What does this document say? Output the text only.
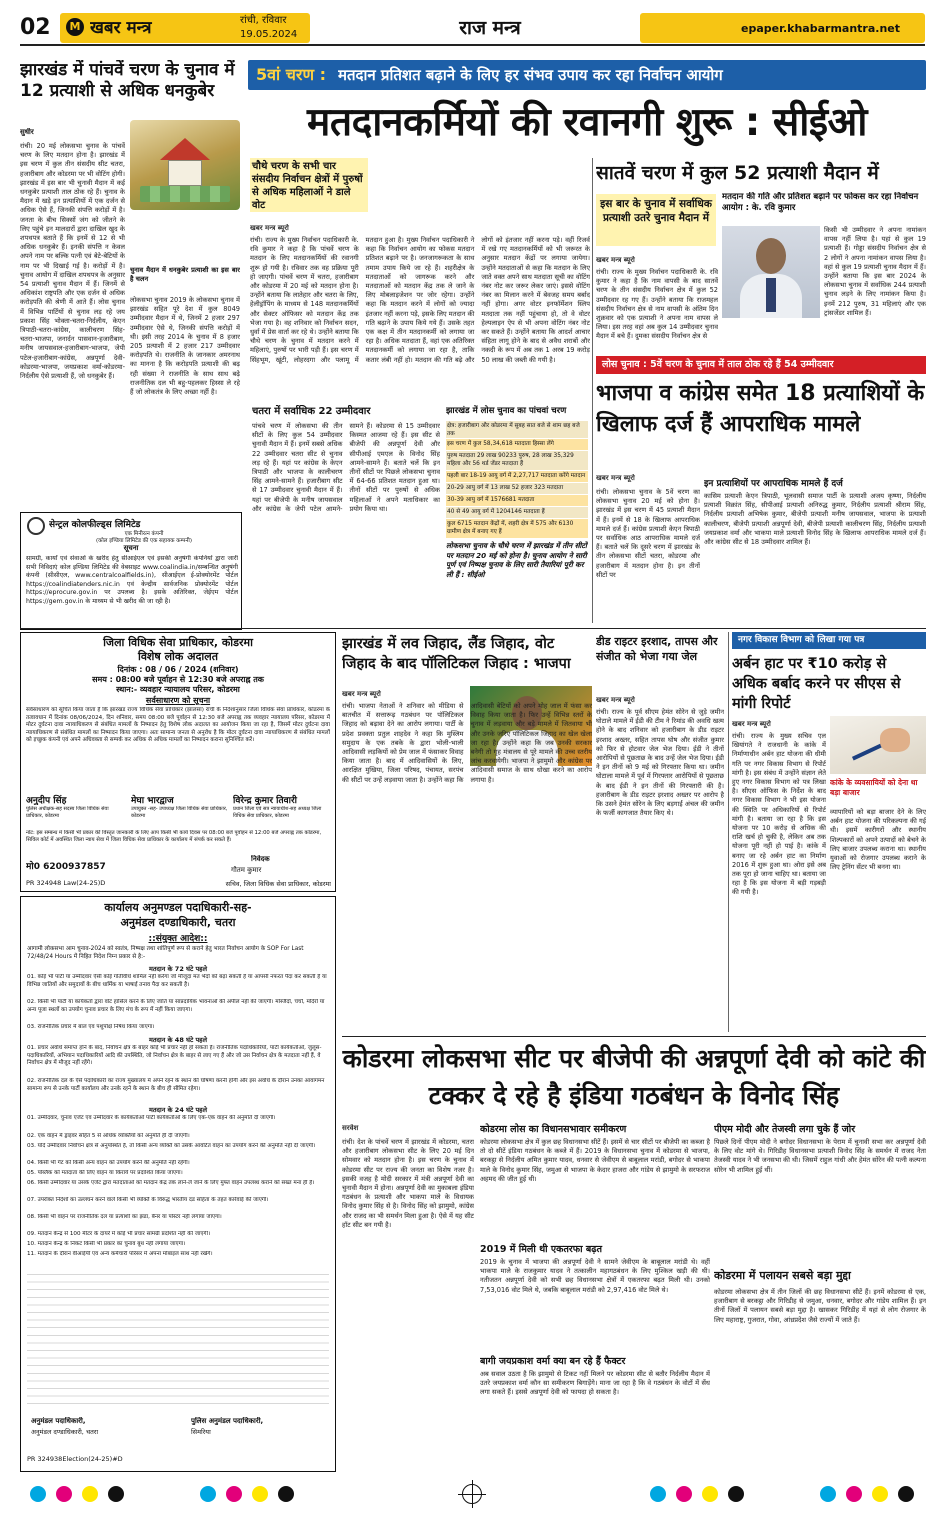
02	M खबर मन्त्र	रांची, रविवार
19.05.2024	राज मन्त्र	epaper.khabarmantra.net
झारखंड में पांचवें चरण के चुनाव में 12 प्रत्याशी से अधिक धनकुबेर
सुधीर
रांची। 20 मई लोकसभा चुनाव के पांचवें चरण के लिए मतदान होना है। झारखंड में इस चरण में कुल तीन संसदीय सीट चतरा, हजारीबाग और कोडरमा पर भी वोटिंग होगी। झारखंड में इस बार भी चुनावी मैदान में कई धनकुबेर प्रत्याशी ताल ठोक रहे हैं। चुनाव के मैदान में खड़े इन प्रत्याशियों में एक दर्जन से अधिक ऐसे हैं, जिनकी संपत्ति करोड़ों में है। जनता के बीच सिक्सों जंग को जीतने के लिए पहुंचे इन मालदारों द्वारा दाखिल खुद के शपथपत्र बताते हैं कि इनमें से 12 से भी अधिक धनकुबेर हैं। इनकी संपत्ति न केवल अपने नाम पर बल्कि पत्नी एवं बेटे-बेटियों के नाम पर भी दिखाई गई है। करोड़ों में है। चुनाव आयोग में दाखिल शपथपत्र के अनुसार 54 प्रत्याशी चुनाव मैदान में हैं। जिनमें से अधिकांश राष्ट्रपति और एक दर्जन से अधिक करोड़पति की श्रेणी में आते हैं। लोस चुनाव में विभिन्न पार्टियों से चुनाव लड़ रहे जय प्रकाश सिंह भोक्ता-चतरा-निर्दलीय, केएन त्रिपाठी-चतरा-कांग्रेस, कालीचरण सिंह-चतरा-भाजपा, जनार्दन पासवान-हजारीबाग, मनीष जायसवाल-हजारीबाग-भाजपा, जेपी पटेल-हजारीबाग-कांग्रेस, अन्नपूर्णा देवी-कोडरमा-भाजपा, जयप्रकाश वर्मा-कोडरमा-निर्दलीय ऐसे प्रत्याशी हैं, जो धनकुबेर हैं।
चुनाव मैदान में धनकुबेर प्रत्याशी का इस बार है चलन
लोकसभा चुनाव 2019 के लोकसभा चुनाव में झारखंड सहित पूरे देश में कुल 8049 उम्मीदवार मैदान में थे, जिनमें 2 हजार 297 उम्मीदवार ऐसे थे, जिनकी संपत्ति करोड़ों में थी। इसी तरह 2014 के चुनाव में 8 हजार 205 प्रत्याशी में 2 हजार 217 उम्मीदवार करोड़पति थे। राजनीति के जानकार अमरनाथ का मानना है कि करोड़पति प्रत्याशी की बढ़ रही संख्या ने राजनीति के साथ साथ बढ़े राजनीतिक दल भी बहु-पहलकर हिस्सा ले रहे हैं जो लोकतंत्र के लिए अच्छा नहीं है।
सेन्ट्रल कोलफील्ड्स लिमिटेड
एक मिनीरत्न कंपनी
(कोल इण्डिया लिमिटेड की एक सहायक कम्पनी)
सूचना
सामग्री, कार्यों एवं सेवाओं के खरीद हेतु सीआईएल एवं इसकी अनुषंगी कंपनियों द्वारा जारी सभी निविदाएं कोल इण्डिया लिमिटेड की वेबसाइट www.coalindia.in/सम्बन्धित अनुषंगी कंपनी (सीसीएल, www.centralcoalfields.in), सीआईएल ई-प्रोक्योरमेंट पोर्टल https://coalindiatenders.nic.in एवं केन्द्रीय सार्वजनिक प्रोक्योरमेंट पोर्टल https://eprocure.gov.in पर उपलब्ध है। इसके अतिरिक्त, जेईएम पोर्टल https://gem.gov.in के माध्यम से भी खरीद की जा रही है।
5वां चरण : मतदान प्रतिशत बढ़ाने के लिए हर संभव उपाय कर रहा निर्वाचन आयोग
मतदानकर्मियों की रवानगी शुरू : सीईओ
चौथे चरण के सभी चार संसदीय निर्वाचन क्षेत्रों में पुरुषों से अधिक महिलाओं ने डाले वोट
खबर मन्त्र ब्यूरो
रांची। राज्य के मुख्य निर्वाचन पदाधिकारी के. रवि कुमार ने कहा है कि पांचवें चरण के मतदान के लिए मतदानकर्मियों की रवानगी शुरू हो गयी है। रविवार तक वह प्रक्रिया पूरी हो जाएगी। पांचवें चरण में चतरा, हजारीबाग और कोडरमा में 20 मई को मतदान होना है। उन्होंने बताया कि लातेहार और चतरा के लिए, हेलीड्रॉपिंग के माध्यम से 148 मतदानकर्मियों और सेक्टर ऑफिसर को मतदान केंद्र तक भेजा गया है। वह शनिवार को निर्वाचन सदन, धुर्वा में प्रेस वार्ता कर रहे थे। उन्होंने बताया कि चौथे चरण के चुनाव में मतदान करने में महिलाएं, पुरुषों पर भारी पड़ी हैं। इस चरण में सिंहभूम, खूंटी, लोहरदगा और पलामू में मतदान हुआ है। मुख्य निर्वाचन पदाधिकारी ने कहा कि निर्वाचन आयोग का फोकस मतदान प्रतिशत बढ़ाने पर है। जनजागरूकता के साथ तमाम उपाय किये जा रहे हैं। शहरीक्षेत्र के मतदाताओं को जागरूक करने और मतदाताओं को मतदान केंद्र तक ले जाने के लिए मोबलाइजेशन पर जोर रहेगा। उन्होंने कहा कि मतदान करने में लोगों को ज्यादा इंतजार नहीं करना पड़े, इसके लिए मतदान की गति बढ़ाने के उपाय किये गये हैं। उसके तहत एक कक्ष में तीन मतदानकर्मी को लगाया जा रहा है। अधिक मतदाता हैं, वहां एक अतिरिक्त मतदानकर्मी को लगाया जा रहा है, ताकि कतार लंबी नहीं हो। मतदान की गति बढ़े और लोगों को इंतजार नहीं करना पड़े। वहीं रिजर्व में रखे गए मतदानकर्मियों को भी जरूरत के अनुसार मतदान केंद्रों पर लगाया जायेगा। उन्होंने मतदाताओं से कहा कि मतदान के लिए जाते वक्त अपने साथ मतदाता सूची का वोटिंग नंबर नोट कर जरूर लेकर जाएं। इससे वोटिंग नंबर का मिलान करने में बेवजह समय बर्बाद नहीं होगा। अगर वोटर इनफॉर्मेशन स्लिप मतदाता तक नहीं पहुंचाया हो, तो वे वोटर हेल्पलाइन ऐप से भी अपना वोटिंग नंबर नोट कर सकते हैं। उन्होंने बताया कि आदर्श आचार संहिता लागू होने के बाद से अवैध शराबों और नकदी के रूप में अब तक 1 अरब 19 करोड़ 50 लाख की जब्ती की गयी है।
चतरा में सर्वाधिक 22 उम्मीदवार
पांचवे चरण में लोकसभा की तीन सीटों के लिए कुल 54 उम्मीदवार चुनावी मैदान में हैं। इनमें सबसे अधिक 22 उम्मीदवार चतरा सीट से चुनाव लड़ रहे हैं। यहां पर कांग्रेस के केएन त्रिपाठी और भाजपा के कालीचरण सिंह आमने-सामने हैं। हजारीबाग सीट से 17 उम्मीदवार चुनावी मैदान में हैं। यहां पर बीजेपी के मनीष जायसवाल और कांग्रेस के जेपी पटेल आमने-सामने हैं। कोडरमा से 15 उम्मीदवार किस्मत आजमा रहे हैं। इस सीट से बीजेपी की अन्नपूर्णा देवी और सीपीआई एमएल के विनोद सिंह आमने-सामने हैं। बताते चलें कि इन तीनों सीटों पर पिछले लोकसभा चुनाव में 64-66 प्रतिशत मतदान हुआ था। तीनों सीटों पर पुरुषों से अधिक महिलाओं ने अपने मताधिकार का प्रयोग किया था।
झारखंड में लोस चुनाव का पांचवां चरण
क्षेत्र: हजारीबाग और कोडरमा में सुबह सात बजे से शाम छह बजे तक
इस चरण में कुल 58,34,618 मतदाता हिस्सा लेंगे
पुरुष मतदाता 29 लाख 90233 पुरुष, 28 लाख 35,329 महिला और 56 थर्ड जेंडर मतदाता हैं
पहली बार 18-19 आयु वर्ग में 2,27,717 मतदाता करेंगे मतदान
20-29 आयु वर्ग में 13 लाख 52 हजार 323 मतदाता
30-39 आयु वर्ग में 1576681 मतदाता
40 से 49 आयु वर्ग में 1204146 मतदाता हैं
कुल 6715 मतदान केंद्रों में, शहरी क्षेत्र में 575 और 6130 ग्रामीण क्षेत्र में बनाए गए हैं
लोकसभा चुनाव के चौथे चरण में झारखंड में तीन सीटों पर मतदान 20 मई को होना है। चुनाव आयोग ने सारी पूर्ण एवं निष्पक्ष चुनाव के लिए सारी तैयारियां पूरी कर ली हैं : सीईओ
सातवें चरण में कुल 52 प्रत्याशी मैदान में
इस बार के चुनाव में सर्वाधिक प्रत्याशी उतरे चुनाव मैदान में
मतदान की गति और प्रतिशत बढ़ाने पर फोकस कर रहा निर्वाचन आयोग : के. रवि कुमार
खबर मन्त्र ब्यूरो
रांची। राज्य के मुख्य निर्वाचन पदाधिकारी के. रवि कुमार ने कहा है कि नाम वापसी के बाद सातवें चरण के तीन संसदीय निर्वाचन क्षेत्र में कुल 52 उम्मीदवार रह गए हैं। उन्होंने बताया कि राजमहल संसदीय निर्वाचन क्षेत्र से नाम वापसी के अंतिम दिन शुक्रवार को एक प्रत्याशी ने अपना नाम वापस ले लिया। इस तरह वहां अब कुल 14 उम्मीदवार चुनाव मैदान में बचे हैं। दुमका संसदीय निर्वाचन क्षेत्र से
किसी भी उम्मीदवार ने अपना नामांकन वापस नहीं लिया है। यहां से कुल 19 प्रत्याशी हैं। गोड्डा संसदीय निर्वाचन क्षेत्र से 2 लोगों ने अपना नामांकन वापस लिया है। वहां से कुल 19 प्रत्याशी चुनाव मैदान में हैं। उन्होंने बताया कि इस बार 2024 के लोकसभा चुनाव में सर्वाधिक 244 प्रत्याशी चुनाव लड़ने के लिए नामांकन किया है। इनमें 212 पुरुष, 31 महिलाएं और एक ट्रांसजेंडर शामिल हैं।
लोस चुनाव : 5वें चरण के चुनाव में ताल ठोक रहे हैं 54 उम्मीदवार
भाजपा व कांग्रेस समेत 18 प्रत्याशियों के खिलाफ दर्ज हैं आपराधिक मामले
खबर मन्त्र ब्यूरो
रांची। लोकसभा चुनाव के 5वें चरण का लोकसभा चुनाव 20 मई को होना है। झारखंड में इस चरण में 45 प्रत्याशी मैदान में हैं। इनमें से 18 के खिलाफ आपराधिक मामले दर्ज हैं। कांग्रेस प्रत्याशी केएन त्रिपाठी पर सर्वाधिक आठ आपराधिक मामले दर्ज हैं। बताते चलें कि दूसरे चरण में झारखंड के तीन लोकसभा सीटों चतरा, कोडरमा और हजारीबाग में मतदान होना है। इन तीनों सीटों पर
इन प्रत्याशियों पर आपराधिक मामले हैं दर्ज
कासिम प्रत्याशी केएन त्रिपाठी, भूलवासी समाज पार्टी के प्रत्याशी अजय कृष्णा, निर्दलीय प्रत्याशी विक्रांत सिंह, सीपीआई प्रत्याशी अनिरुद्ध कुमार, निर्दलीय प्रत्याशी श्रीराम सिंह, निर्दलीय प्रत्याशी अभिषेक कुमार, बीजेपी प्रत्याशी मनीष जायसवाल, भाजपा के प्रत्याशी कालीचरण, बीजेपी प्रत्याशी अन्नपूर्णा देवी, बीजेपी प्रत्याशी कालीचरण सिंह, निर्दलीय प्रत्याशी जयप्रकाश वर्मा और भाकपा माले प्रत्याशी विनोद सिंह के खिलाफ आपराधिक मामले दर्ज हैं। और कांग्रेस सीट से 18 उम्मीदवार शामिल हैं।
जिला विधिक सेवा प्राधिकार, कोडरमा
विशेष लोक अदालत
दिनांक : 08 / 06 / 2024 (शनिवार)
समय : 08:00 बजे पूर्वाहन से 12:30 बजे अपराह्न तक
स्थान:- व्यवहार न्यायालय परिसर, कोडरमा
सर्वसाधारण को सूचना
सर्वसाधारण को सूचित किया जाता है कि झारखंड राज्य विधिक सेवा प्राधिकार (झालसा) रांची के निर्देशानुसार जिला विधिक सेवा प्राधिकार, कोडरमा के तत्वावधान में दिनांक 08/06/2024, दिन शनिवार, समय 08:00 बजे पूर्वाहन से 12:30 बजे अपराह्न तक व्यवहार न्यायालय परिसर, कोडरमा में मोटर दुर्घटना दावा न्यायाधिकरण से संबंधित मामलों के निष्पादन हेतु विशेष लोक अदालत का आयोजन किया जा रहा है, जिसमें मोटर दुर्घटना दावा न्यायाधिकरण से संबंधित मामलों का निष्पादन किया जाएगा। अतः सामान्य जनता से अनुरोध है कि मोटर दुर्घटना दावा न्यायाधिकरण से संबंधित मामलों को इच्छुक कंपनी एवं अपने अधिवक्ता से सम्पर्क कर अधिक से अधिक मामलों का निष्पादन कराना सुनिश्चित करें।
अनुदीप सिंह
पुलिस अधीक्षक-सह सदस्य जिला विधिक सेवा प्राधिकार, कोडरमा
मेघा भारद्वाज
उपायुक्त -सह- उपाध्यक्ष जिला विधिक सेवा प्राधिकार, कोडरमा
विरेन्द्र कुमार तिवारी
प्रधान जिला एवं सत्र न्यायाधीश-सह अध्यक्ष जिला विधिक सेवा प्राधिकार, कोडरमा
नोट: इस सम्बन्ध में किसी भी प्रकार की विस्तृत जानकारी के लिए आप किसी भी कार्य दिवस पर 08:00 बजे पूर्वाहन से 12:00 बजे अपराह्न तक कोडरमा, सिविल कोर्ट में अवस्थित जिला न्याय सेवा में जिला विधिक सेवा प्राधिकार के कार्यालय में संपर्क कर सकते हैं।
निवेदक
मो0 6200937857	गौतम कुमार
सचिव, जिला विधिक सेवा प्राधिकार, कोडरमा
PR 324948 Law(24-25)D
कार्यालय अनुमण्डल पदाधिकारी-सह-
अनुमंडल दण्डाधिकारी, चतरा
::संयुक्त आदेश::
आगामी लोकसभा आम चुनाव-2024 को स्वतंत्र, निष्पक्ष तथा शांतिपूर्ण रूप से कराने हेतु भारत निर्वाचन आयोग के SOP For Last 72/48/24 Hours में निहित निदेश निम्न प्रकार से है:-
मतदान के 72 घंटे पहले
01. कोई भी पार्टी या उम्मीदवार ऐसी कोई गतिविधि शामिल नहीं करेगा जो मौजूदा मत भेदों को बढ़ा सकती है या आपसी नफरत पैदा कर सकती है या विभिन्न जातियों और समुदायों के बीच धार्मिक या भाषाई तनाव पैदा कर सकती है।
02. किसी भी पार्टी या कार्यकर्ता द्वारा वोट हासिल करने के लिए जाति या सांप्रदायिक भावनाओं की अपील नहीं की जाएगी। मस्जिदों, चर्चों, मंदिरों या अन्य पूजा स्थलों का उपयोग चुनाव प्रचार के लिए मंच के रूप में नहीं किया जाएगा।
03. राजनीतिक प्रचार में बाल एवं पशुपक्षि निषेध किया जाएगा।
मतदान के 48 घंटे पहले
01. प्रचार अवधि समाप्त होने के बाद, निर्वाचन क्षेत्र के बाहर कोई भी प्रचार नहीं हो सकता है। राजनीतिक पदाधिकारियों, पार्टी कार्यकर्ताओं, जुलूस-पदाधिकारियों, अभियान पदाधिकारियों आदि की उपस्थिति, जो निर्वाचन क्षेत्र के बाहर से लाए गए हैं और जो उस निर्वाचन क्षेत्र के मतदाता नहीं हैं, वे निर्वाचन क्षेत्र में मौजूद नहीं रहेंगे।
02. राजनीतिक दल के ऐसे पदाधिकारी का राज्य मुख्यालय में अपने रहने के स्थान की घोषणा करनी होगी और इस अवधि के दौरान उनका आवागमन सामान्य रूप से उनके पार्टी कार्यालय और उनके रहने के स्थान के बीच ही सीमित रहेगा।
मतदान के 24 घंटे पहले
01. उम्मीदवार, चुनाव एजेंट एवं उम्मीदवार के कार्यकर्ताओं पार्टी कार्यकर्ताओं के लिए एक-एक वाहन की अनुमति दी जाएगी।
02. एक वाहन में ड्राइवर सहित 5 से अधिक व्यक्तियों को अनुमति ही दी जाएगी।
03. यदि उम्मीदवार निर्वाचन क्षेत्र से अनुपस्थित है, तो किसी अन्य व्यक्ति को उसके आवंटित वाहन का उपयोग करने की अनुमति नहीं दी जाएगी।
04. किसी भी गेट को किसी अन्य वाहन को उपयोग करने की अनुमति नहीं रहेगी।
05. पब्लिक को मतदाता की लिए वाहन या किराये पर प्रदाशित किया जाएगा।
06. किसी उम्मीदवार या उसके एजेंट द्वारा मतदाताओं को मतदान केंद्र तक लाने-ले जाने के लिए मुफ्त वाहन उपलब्ध कराने को सख्त मना ही है।
07. उपरोक्त निर्देशों का उल्लंघन करने वाले किसी भी व्यक्ति के विरुद्ध भारतीय दंड संहिता के तहत कार्रवाई की जाएगी।
08. किसी भी वाहन पर राजनीतिक दल या प्रत्याशी का झंडा, बैनर या पोस्टर नहीं लगाया जाएगा।
09. मतदान केन्द्र से 100 मीटर के दायरे में कोई भी प्रचार सामग्री प्रदर्शित नहीं की जाएगी।
10. मतदान केन्द्र के निकट किसी भी प्रकार का चुनाव बूथ नहीं लगाया जाएगा।
11. मतदान के दौरान वीआईपी एवं अन्य कर्मचारी परिसर में अपना मोबाइल साथ नहीं रखेंगे।
अनुमंडल पदाधिकारी,
अनुमंडल दण्डाधिकारी, चतरा
पुलिस अनुमंडल पदाधिकारी,
सिमरिया
PR 324938Election(24-25)#D
झारखंड में लव जिहाद, लैंड जिहाद, वोट जिहाद के बाद पॉलिटिकल जिहाद : भाजपा
खबर मन्त्र ब्यूरो
रांची। भाजपा नेताओं ने शनिवार को मीडिया से बातचीत में सत्तारूढ़ गठबंधन पर पॉलिटिकल जिहाद को बढ़ावा देने का आरोप लगाया। पार्टी के प्रदेश प्रवक्ता प्रतुल शाहदेव ने कहा कि मुस्लिम समुदाय के एक तबके के द्वारा भोली-भाली आदिवासी लड़कियों को प्रेम जाल में फंसाकर विवाह किया जाता है। बाद में आदिवासियों के लिए, आरक्षित मुखिया, जिला परिषद, पंचायत, सरपंच की सीटों पर उन्हें लड़वाया जाता है। उन्होंने कहा कि आदिवासी बेटियों को अपने मोह जाल में फंसा कर विवाह किया जाता है। फिर उन्हें विभिन्न स्तरों के चुनाव में लड़वाया और बड़े मामले में जितवाया भी और उनके जरिए पॉलिटिकल जिहाद का खेल खेला जा रहा है। उन्होंने कहा कि जब उनकी सरकार बनेगी तो गृह मंत्रालय से पूरे मामले की उच्च स्तरीय जांच करवायेगी। भाजपा ने झामुमो और कांग्रेस पर आदिवासी समाज के साथ धोखा करने का आरोप लगाया है।
डीड राइटर इरशाद, तापस और संजीत को भेजा गया जेल
खबर मन्त्र ब्यूरो
रांची। राज्य के पूर्व सीएम हेमंत सोरेन से जुड़े जमीन घोटाले मामले में ईडी की टीम ने रिमांड की अवधि खत्म होने के बाद शनिवार को हजारीबाग के डीड राइटर इरशाद अख्तर, सहित तापस घोष और संजीत कुमार को फिर से होटवार जेल भेज दिया। ईडी ने तीनों आरोपियों से पूछताछ के बाद उन्हें जेल भेज दिया। ईडी ने इन तीनों को 9 मई को गिरफ्तार किया था। जमीन घोटाला मामले में पूर्व में गिरफ्तार आरोपियों से पूछताछ के बाद ईडी ने इन तीनों की गिरफ्तारी की है। हजारीबाग के डीड राइटर इरशाद अख्तर पर आरोप है कि उसने हेमंत सोरेन के लिए बड़गाईं अंचल की जमीन के फर्जी कागजात तैयार किए थे।
नगर विकास विभाग को लिखा गया पत्र
अर्बन हाट पर ₹10 करोड़ से अधिक बर्बाद करने पर सीएस से मांगी रिपोर्ट
खबर मन्त्र ब्यूरो
रांची। राज्य के मुख्य सचिव एल खियांगते ने राजधानी के कांके में निर्माणाधीन अर्बन हाट योजना की धीमी गति पर नगर विकास विभाग से रिपोर्ट मांगी है। इस संबंध में उन्होंने संज्ञान लेते हुए नगर विकास विभाग को पत्र लिखा है। सीएस ऑफिस के निर्देश के बाद नगर विकास विभाग ने भी इस योजना की स्थिति पर अधिकारियों से रिपोर्ट मांगी है। बताया जा रहा है कि इस योजना पर 10 करोड़ से अधिक की राशि खर्च हो चुकी है, लेकिन अब तक योजना पूरी नहीं हो पाई है। कांके में बनाए जा रहे अर्बन हाट का निर्माण 2016 में शुरू हुआ था। ओरा इसे अब तक पूरा हो जाना चाहिए था। बताया जा रहा है कि इस योजना में बड़ी गड़बड़ी की गयी है।
कांके के व्यवसायियों को देना था बड़ा बाजार
व्यापारियों को बड़ा बाजार देने के लिए अर्बन हाट योजना की परिकल्पना की गई थी। इसमें कारीगरों और स्थानीय शिल्पकारों को अपने उत्पादों को बेचने के लिए बाजार उपलब्ध कराना था। स्थानीय युवाओं को रोजगार उपलब्ध कराने के लिए ट्रेनिंग सेंटर भी बनना था।
कोडरमा लोकसभा सीट पर बीजेपी की अन्नपूर्णा देवी को कांटे की टक्कर दे रहे है इंडिया गठबंधन के विनोद सिंह
सरवेश
रांची। देश के पांचवें चरण में झारखंड में कोडरमा, चतरा और हजारीबाग लोकसभा सीट के लिए 20 मई दिन सोमवार को मतदान होना है। इस चरण के चुनाव में कोडरमा सीट पर राज्य की जनता का विशेष नजर है। इसकी वजह है मोदी सरकार में मंत्री अन्नपूर्णा देवी का चुनावी मैदान में होना। अन्नपूर्णा देवी का मुकाबला इंडिया गठबंधन के प्रत्याशी और भाकपा माले के विधायक विनोद कुमार सिंह से है। विनोद सिंह को झामुमो, कांग्रेस और राजद का भी समर्थन मिला हुआ है। ऐसे में यह सीट हॉट सीट बन गयी है।
कोडरमा लोस का विधानसभावार समीकरण
कोडरमा लोकसभा क्षेत्र में कुल छह विधानसभा सीटें हैं। इसमें से चार सीटों पर बीजेपी का कब्जा है तो दो सीटें इंडिया गठबंधन के कब्जे में हैं। 2019 के विधानसभा चुनाव में कोडरमा से भाजपा, बरकट्ठा से निर्दलीय अमित कुमार यादव, धनवार से जेवीएम से बाबूलाल मरांडी, बगोदर से भाकपा माले के विनोद कुमार सिंह, जमुआ से भाजपा के केदार हाजरा और गांडेय से झामुमो के सरफराज अहमद की जीत हुई थी।
2019 में मिली थी एकतरफा बढ़त
2019 के चुनाव में भाजपा की अन्नपूर्णा देवी ने सामने जेवीएम के बाबूलाल मरांडी थे। वहीं भाकपा माले के राजकुमार यादव ने तत्कालीन महागठबंधन के लिए मुश्किल खड़ी की थी। नतीजतन अन्नपूर्णा देवी को सभी छह विधानसभा क्षेत्रों में एकतरफा बढ़त मिली थी। उनको 7,53,016 वोट मिले थे, जबकि बाबूलाल मरांडी को 2,97,416 वोट मिले थे।
बागी जयप्रकाश वर्मा क्या बन रहे हैं फैक्टर
अब सवाल उठता है कि झामुमो से टिकट नहीं मिलने पर कोडरमा सीट से बतौर निर्दलीय मैदान में उतरे जयप्रकाश वर्मा कौन सा समीकरण बिगाड़ेंगे। माना जा रहा है कि वे गठबंधन के वोटों में सेंध लगा सकते हैं। इससे अन्नपूर्णा देवी को फायदा हो सकता है।
पीएम मोदी और तेजस्वी लगा चुके हैं जोर
पिछले दिनों पीएम मोदी ने बगोदर विधानसभा के पेराम में चुनावी सभा कर अन्नपूर्णा देवी के लिए वोट मांगे थे। गिरिडीह विधानसभा प्रत्याशी विनोद सिंह के समर्थन में राजद नेता तेजस्वी यादव ने भी जनसभा की थी। जिसमें राहुल गांधी और हेमंत सोरेन की पत्नी कल्पना सोरेन भी शामिल हुई थीं।
कोडरमा में पलायन सबसे बड़ा मुद्दा
कोडरमा लोकसभा क्षेत्र में तीन जिलों की छह विधानसभा सीटें हैं। इनमें कोडरमा से एक, हजारीबाग से बरकट्ठा और गिरिडीह से जमुआ, धनवार, बगोदर और गांडेय शामिल हैं। इन तीनों जिलों में पलायन सबसे बड़ा मुद्दा है। खासकर गिरिडीह में यहां से लोग रोजगार के लिए महाराष्ट्र, गुजरात, गोवा, आंध्रप्रदेश जैसे राज्यों में जाते हैं।
